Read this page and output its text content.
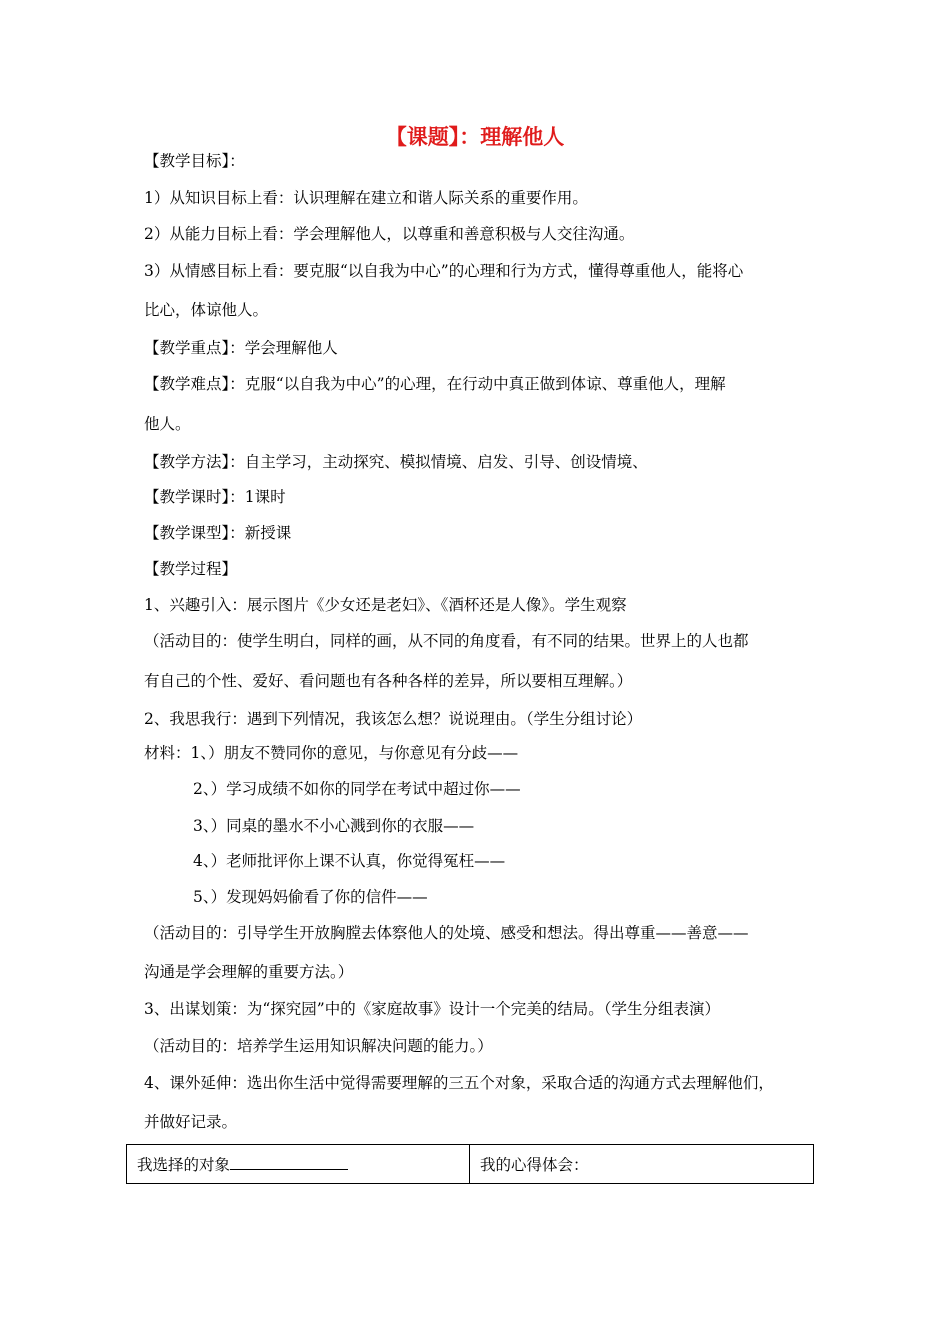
【课题】：理解他人
【教学目标】：
1）从知识目标上看：认识理解在建立和谐人际关系的重要作用。
2）从能力目标上看：学会理解他人，以尊重和善意积极与人交往沟通。
3）从情感目标上看：要克服“以自我为中心”的心理和行为方式，懂得尊重他人，能将心
比心，体谅他人。
【教学重点】：学会理解他人
【教学难点】：克服“以自我为中心”的心理，在行动中真正做到体谅、尊重他人，理解
他人。
【教学方法】：自主学习，主动探究、模拟情境、启发、引导、创设情境、
【教学课时】：1课时
【教学课型】：新授课
【教学过程】
1、兴趣引入：展示图片《少女还是老妇》、《酒杯还是人像》。学生观察
（活动目的：使学生明白，同样的画，从不同的角度看，有不同的结果。世界上的人也都
有自己的个性、爱好、看问题也有各种各样的差异，所以要相互理解。）
2、我思我行：遇到下列情况，我该怎么想？说说理由。（学生分组讨论）
材料：1、）朋友不赞同你的意见，与你意见有分歧——
2、）学习成绩不如你的同学在考试中超过你——
3、）同桌的墨水不小心溅到你的衣服——
4、）老师批评你上课不认真，你觉得冤枉——
5、）发现妈妈偷看了你的信件——
（活动目的：引导学生开放胸膛去体察他人的处境、感受和想法。得出尊重——善意——
沟通是学会理解的重要方法。）
3、出谋划策：为“探究园”中的《家庭故事》设计一个完美的结局。（学生分组表演）
（活动目的：培养学生运用知识解决问题的能力。）
4、课外延伸：选出你生活中觉得需要理解的三五个对象，采取合适的沟通方式去理解他们，
并做好记录。
我选择的对象	我的心得体会：
